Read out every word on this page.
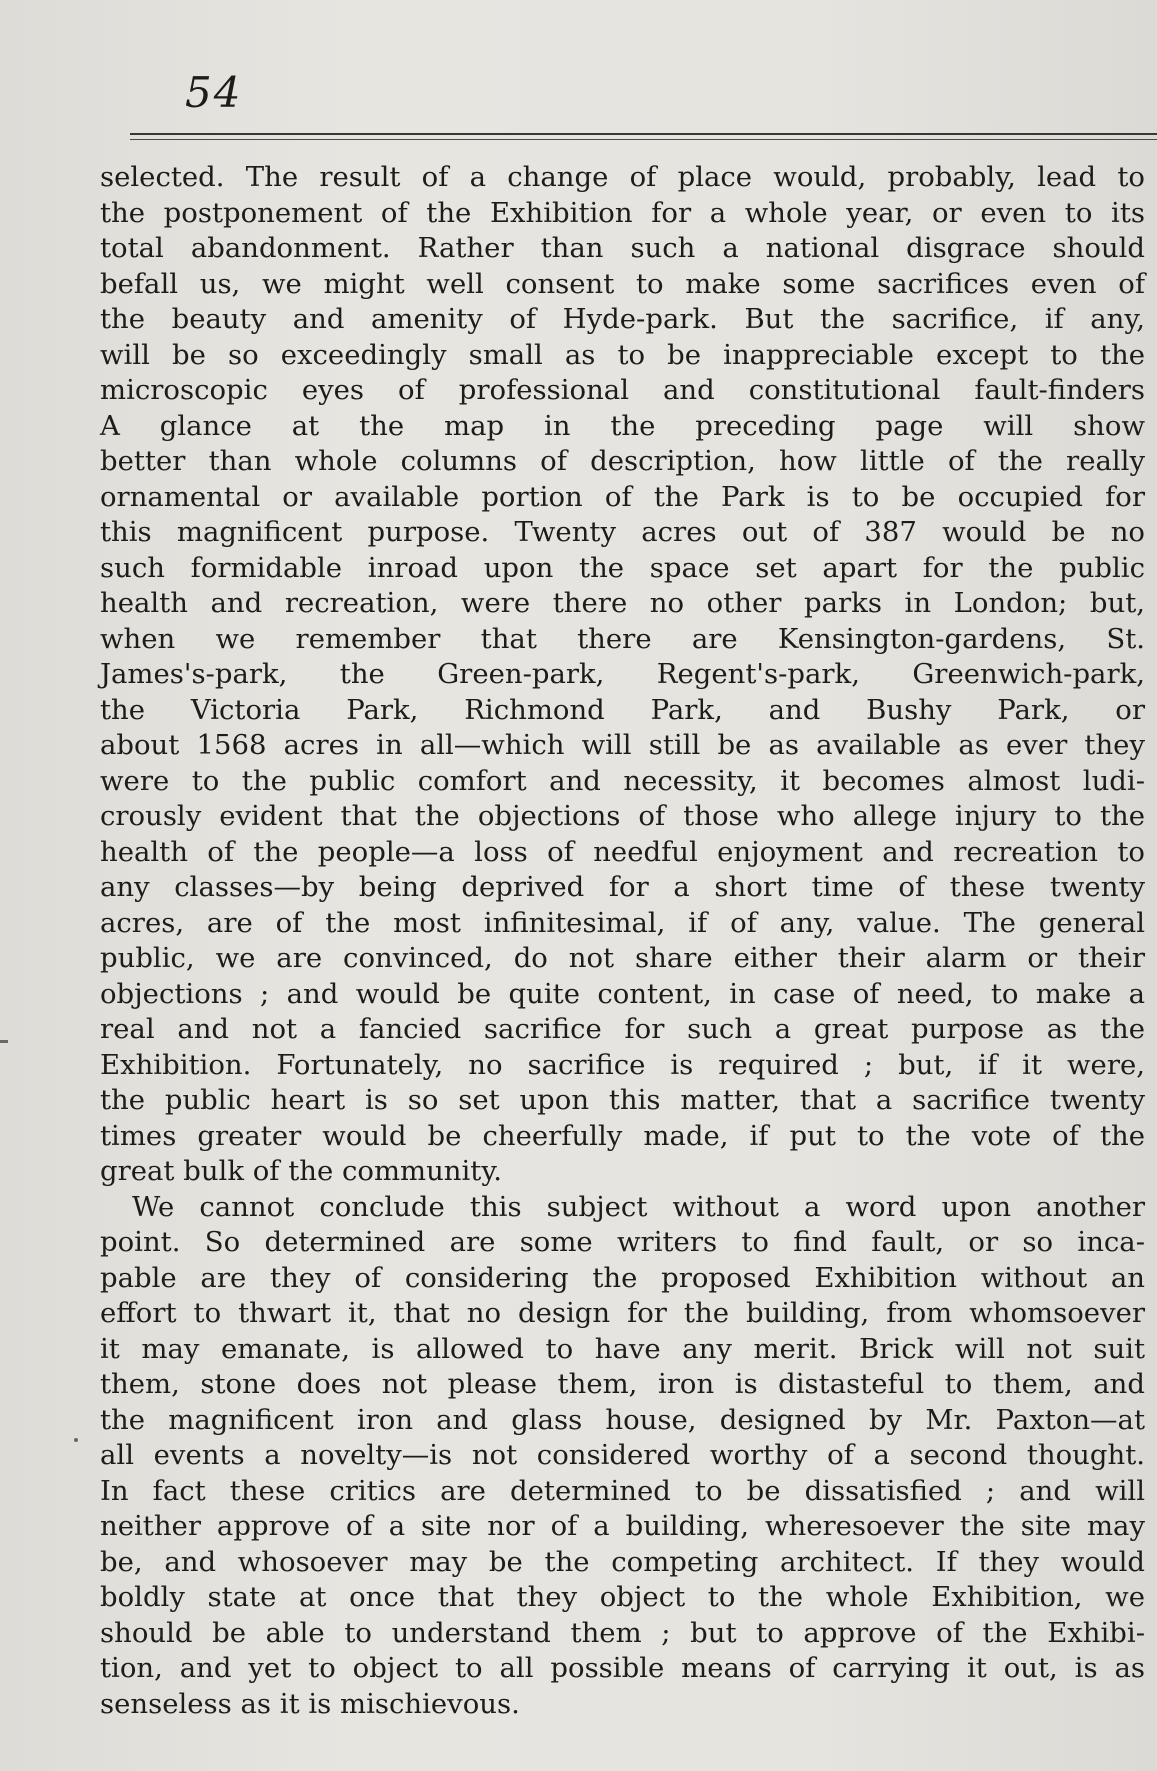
54
selected. The result of a change of place would, probably, lead to
the postponement of the Exhibition for a whole year, or even to its
total abandonment. Rather than such a national disgrace should
befall us, we might well consent to make some sacrifices even of
the beauty and amenity of Hyde-park. But the sacrifice, if any,
will be so exceedingly small as to be inappreciable except to the
microscopic eyes of professional and constitutional fault-finders
A glance at the map in the preceding page will show
better than whole columns of description, how little of the really
ornamental or available portion of the Park is to be occupied for
this magnificent purpose. Twenty acres out of 387 would be no
such formidable inroad upon the space set apart for the public
health and recreation, were there no other parks in London; but,
when we remember that there are Kensington-gardens, St.
James's-park, the Green-park, Regent's-park, Greenwich-park,
the Victoria Park, Richmond Park, and Bushy Park, or
about 1568 acres in all—which will still be as available as ever they
were to the public comfort and necessity, it becomes almost ludi-
crously evident that the objections of those who allege injury to the
health of the people—a loss of needful enjoyment and recreation to
any classes—by being deprived for a short time of these twenty
acres, are of the most infinitesimal, if of any, value. The general
public, we are convinced, do not share either their alarm or their
objections ; and would be quite content, in case of need, to make a
real and not a fancied sacrifice for such a great purpose as the
Exhibition. Fortunately, no sacrifice is required ; but, if it were,
the public heart is so set upon this matter, that a sacrifice twenty
times greater would be cheerfully made, if put to the vote of the
great bulk of the community.
We cannot conclude this subject without a word upon another
point. So determined are some writers to find fault, or so inca-
pable are they of considering the proposed Exhibition without an
effort to thwart it, that no design for the building, from whomsoever
it may emanate, is allowed to have any merit. Brick will not suit
them, stone does not please them, iron is distasteful to them, and
the magnificent iron and glass house, designed by Mr. Paxton—at
all events a novelty—is not considered worthy of a second thought.
In fact these critics are determined to be dissatisfied ; and will
neither approve of a site nor of a building, wheresoever the site may
be, and whosoever may be the competing architect. If they would
boldly state at once that they object to the whole Exhibition, we
should be able to understand them ; but to approve of the Exhibi-
tion, and yet to object to all possible means of carrying it out, is as
senseless as it is mischievous.
